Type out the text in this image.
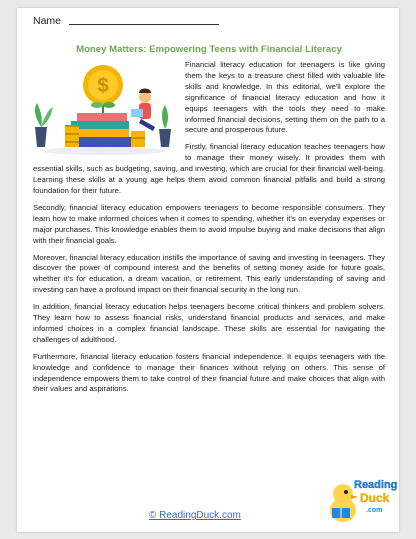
Name
Money Matters: Empowering Teens with Financial Literacy
$

Financial literacy education for teenagers is like giving them the keys to a treasure chest filled with valuable life skills and knowledge. In this editorial, we'll explore the significance of financial literacy education and how it equips teenagers with the tools they need to make informed financial decisions, setting them on the path to a secure and prosperous future.

Firstly, financial literacy education teaches teenagers how to manage their money wisely. It provides them with essential skills, such as budgeting, saving, and investing, which are crucial for their financial well-being. Learning these skills at a young age helps them avoid common financial pitfalls and build a strong foundation for their future.

Secondly, financial literacy education empowers teenagers to become responsible consumers. They learn how to make informed choices when it comes to spending, whether it's on everyday expenses or major purchases. This knowledge enables them to avoid impulse buying and make decisions that align with their financial goals.

Moreover, financial literacy education instills the importance of saving and investing in teenagers. They discover the power of compound interest and the benefits of setting money aside for future goals, whether it's for education, a dream vacation, or retirement. This early understanding of saving and investing can have a profound impact on their financial security in the long run.

In addition, financial literacy education helps teenagers become critical thinkers and problem solvers. They learn how to assess financial risks, understand financial products and services, and make informed choices in a complex financial landscape. These skills are essential for navigating the challenges of adulthood.

Furthermore, financial literacy education fosters financial independence. It equips teenagers with the knowledge and confidence to manage their finances without relying on others. This sense of independence empowers them to take control of their financial future and make choices that align with their values and aspirations.

© ReadingDuck.com
Reading
Duck
.com
